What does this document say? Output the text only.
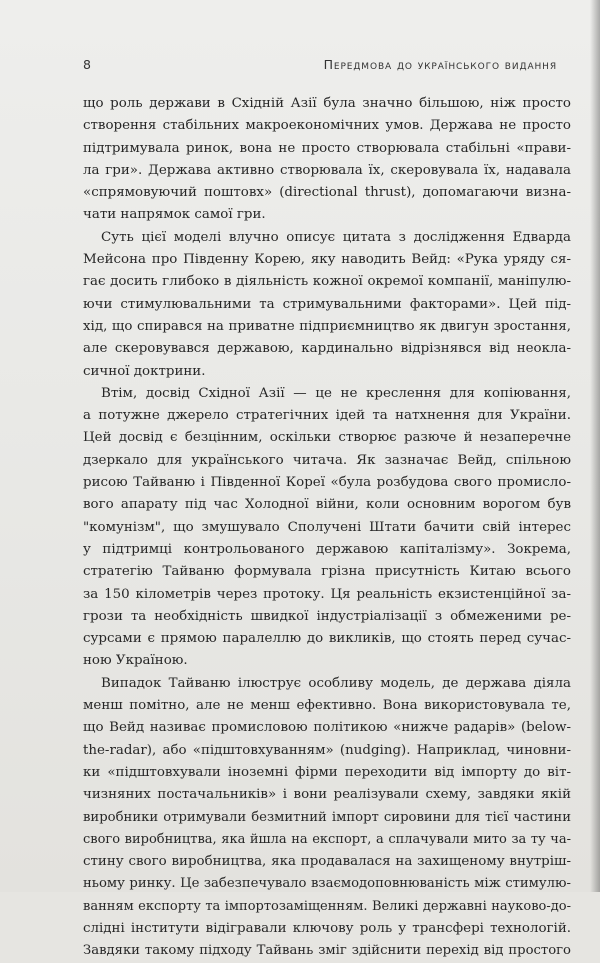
8	Передмова до українського видання
що роль держави в Східній Азії була значно більшою, ніж просто
створення стабільних макроекономічних умов. Держава не просто
підтримувала ринок, вона не просто створювала стабільні «прави-
ла гри». Держава активно створювала їх, скеровувала їх, надавала
«спрямовуючий поштовх» (directional thrust), допомагаючи визна-
чати напрямок самої гри.
Суть цієї моделі влучно описує цитата з дослідження Едварда
Мейсона про Південну Корею, яку наводить Вейд: «Рука уряду ся-
гає досить глибоко в діяльність кожної окремої компанії, маніпулю-
ючи стимулювальними та стримувальними факторами». Цей під-
хід, що спирався на приватне підприємництво як двигун зростання,
але скеровувався державою, кардинально відрізнявся від неокла-
сичної доктрини.
Втім, досвід Східної Азії — це не креслення для копіювання,
а потужне джерело стратегічних ідей та натхнення для України.
Цей досвід є безцінним, оскільки створює разюче й незаперечне
дзеркало для українського читача. Як зазначає Вейд, спільною
рисою Тайваню і Південної Кореї «була розбудова свого промисло-
вого апарату під час Холодної війни, коли основним ворогом був
"комунізм", що змушувало Сполучені Штати бачити свій інтерес
у підтримці контрольованого державою капіталізму». Зокрема,
стратегію Тайваню формувала грізна присутність Китаю всього
за 150 кілометрів через протоку. Ця реальність екзистенційної за-
грози та необхідність швидкої індустріалізації з обмеженими ре-
сурсами є прямою паралеллю до викликів, що стоять перед сучас-
ною Україною.
Випадок Тайваню ілюструє особливу модель, де держава діяла
менш помітно, але не менш ефективно. Вона використовувала те,
що Вейд називає промисловою політикою «нижче радарів» (below-
the-radar), або «підштовхуванням» (nudging). Наприклад, чиновни-
ки «підштовхували іноземні фірми переходити від імпорту до віт-
чизняних постачальників» і вони реалізували схему, завдяки якій
виробники отримували безмитний імпорт сировини для тієї частини
свого виробництва, яка йшла на експорт, а сплачували мито за ту ча-
стину свого виробництва, яка продавалася на захищеному внутріш-
ньому ринку. Це забезпечувало взаємодоповнюваність між стимулю-
ванням експорту та імпортозаміщенням. Великі державні науково-до-
слідні інститути відігравали ключову роль у трансфері технологій.
Завдяки такому підходу Тайвань зміг здійснити перехід від простого
